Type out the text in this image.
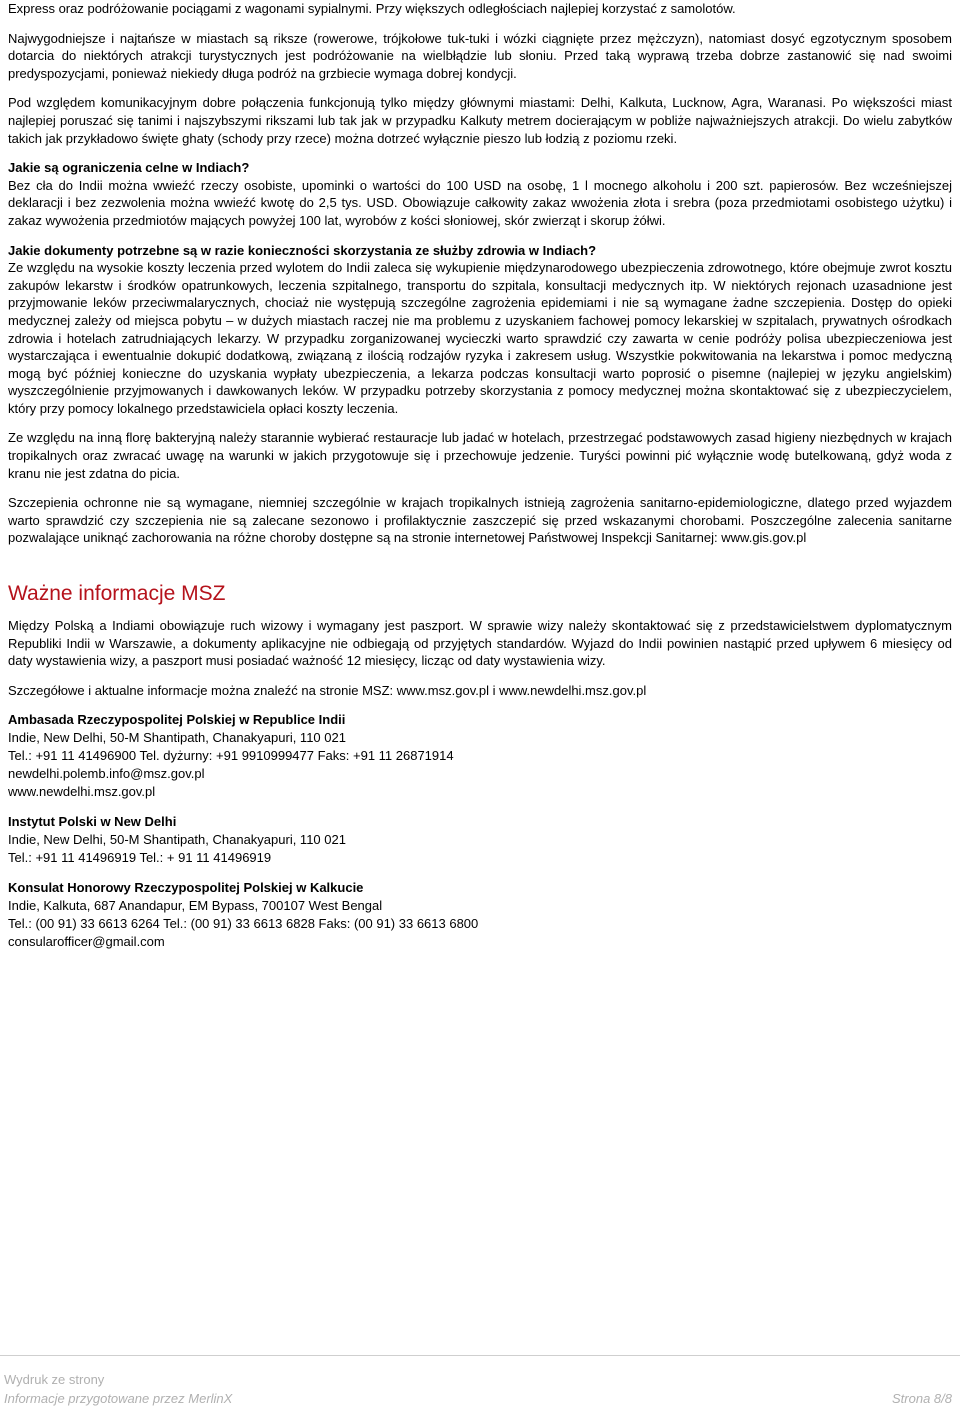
Express oraz podróżowanie pociągami z wagonami sypialnymi. Przy większych odległościach najlepiej korzystać z samolotów.

Najwygodniejsze i najtańsze w miastach są riksze (rowerowe, trójkołowe tuk-tuki i wózki ciągnięte przez mężczyzn), natomiast dosyć egzotycznym sposobem dotarcia do niektórych atrakcji turystycznych jest podróżowanie na wielbłądzie lub słoniu. Przed taką wyprawą trzeba dobrze zastanowić się nad swoimi predyspozycjami, ponieważ niekiedy długa podróż na grzbiecie wymaga dobrej kondycji.

Pod względem komunikacyjnym dobre połączenia funkcjonują tylko między głównymi miastami: Delhi, Kalkuta, Lucknow, Agra, Waranasi. Po większości miast najlepiej poruszać się tanimi i najszybszymi rikszami lub tak jak w przypadku Kalkuty metrem docierającym w pobliże najważniejszych atrakcji. Do wielu zabytków takich jak przykładowo święte ghaty (schody przy rzece) można dotrzeć wyłącznie pieszo lub łodzią z poziomu rzeki.

Jakie są ograniczenia celne w Indiach?

Bez cła do Indii można wwieźć rzeczy osobiste, upominki o wartości do 100 USD na osobę, 1 l mocnego alkoholu i 200 szt. papierosów. Bez wcześniejszej deklaracji i bez zezwolenia można wwieźć kwotę do 2,5 tys. USD. Obowiązuje całkowity zakaz wwożenia złota i srebra (poza przedmiotami osobistego użytku) i zakaz wywożenia przedmiotów mających powyżej 100 lat, wyrobów z kości słoniowej, skór zwierząt i skorup żółwi.

Jakie dokumenty potrzebne są w razie konieczności skorzystania ze służby zdrowia w Indiach?

Ze względu na wysokie koszty leczenia przed wylotem do Indii zaleca się wykupienie międzynarodowego ubezpieczenia zdrowotnego, które obejmuje zwrot kosztu zakupów lekarstw i środków opatrunkowych, leczenia szpitalnego, transportu do szpitala, konsultacji medycznych itp. W niektórych rejonach uzasadnione jest przyjmowanie leków przeciwmalarycznych, chociaż nie występują szczególne zagrożenia epidemiami i nie są wymagane żadne szczepienia. Dostęp do opieki medycznej zależy od miejsca pobytu – w dużych miastach raczej nie ma problemu z uzyskaniem fachowej pomocy lekarskiej w szpitalach, prywatnych ośrodkach zdrowia i hotelach zatrudniających lekarzy. W przypadku zorganizowanej wycieczki warto sprawdzić czy zawarta w cenie podróży polisa ubezpieczeniowa jest wystarczająca i ewentualnie dokupić dodatkową, związaną z ilością rodzajów ryzyka i zakresem usług. Wszystkie pokwitowania na lekarstwa i pomoc medyczną mogą być później konieczne do uzyskania wypłaty ubezpieczenia, a lekarza podczas konsultacji warto poprosić o pisemne (najlepiej w języku angielskim) wyszczególnienie przyjmowanych i dawkowanych leków. W przypadku potrzeby skorzystania z pomocy medycznej można skontaktować się z ubezpieczycielem, który przy pomocy lokalnego przedstawiciela opłaci koszty leczenia.

Ze względu na inną florę bakteryjną należy starannie wybierać restauracje lub jadać w hotelach, przestrzegać podstawowych zasad higieny niezbędnych w krajach tropikalnych oraz zwracać uwagę na warunki w jakich przygotowuje się i przechowuje jedzenie. Turyści powinni pić wyłącznie wodę butelkowaną, gdyż woda z kranu nie jest zdatna do picia.

Szczepienia ochronne nie są wymagane, niemniej szczególnie w krajach tropikalnych istnieją zagrożenia sanitarno-epidemiologiczne, dlatego przed wyjazdem warto sprawdzić czy szczepienia nie są zalecane sezonowo i profilaktycznie zaszczepić się przed wskazanymi chorobami. Poszczególne zalecenia sanitarne pozwalające uniknąć zachorowania na różne choroby dostępne są na stronie internetowej Państwowej Inspekcji Sanitarnej: www.gis.gov.pl

Ważne informacje MSZ

Między Polską a Indiami obowiązuje ruch wizowy i wymagany jest paszport. W sprawie wizy należy skontaktować się z przedstawicielstwem dyplomatycznym Republiki Indii w Warszawie, a dokumenty aplikacyjne nie odbiegają od przyjętych standardów. Wyjazd do Indii powinien nastąpić przed upływem 6 miesięcy od daty wystawienia wizy, a paszport musi posiadać ważność 12 miesięcy, licząc od daty wystawienia wizy.

Szczegółowe i aktualne informacje można znaleźć na stronie MSZ: www.msz.gov.pl i www.newdelhi.msz.gov.pl

Ambasada Rzeczypospolitej Polskiej w Republice Indii
Indie, New Delhi, 50-M Shantipath, Chanakyapuri, 110 021
Tel.: +91 11 41496900 Tel. dyżurny: +91 9910999477 Faks: +91 11 26871914
newdelhi.polemb.info@msz.gov.pl
www.newdelhi.msz.gov.pl
Instytut Polski w New Delhi
Indie, New Delhi, 50-M Shantipath, Chanakyapuri, 110 021
Tel.: +91 11 41496919 Tel.: + 91 11 41496919
Konsulat Honorowy Rzeczypospolitej Polskiej w Kalkucie
Indie, Kalkuta, 687 Anandapur, EM Bypass, 700107 West Bengal
Tel.: (00 91) 33 6613 6264 Tel.: (00 91) 33 6613 6828 Faks: (00 91) 33 6613 6800
consularofficer@gmail.com
Wydruk ze strony
Informacje przygotowane przez MerlinX	Strona 8/8
